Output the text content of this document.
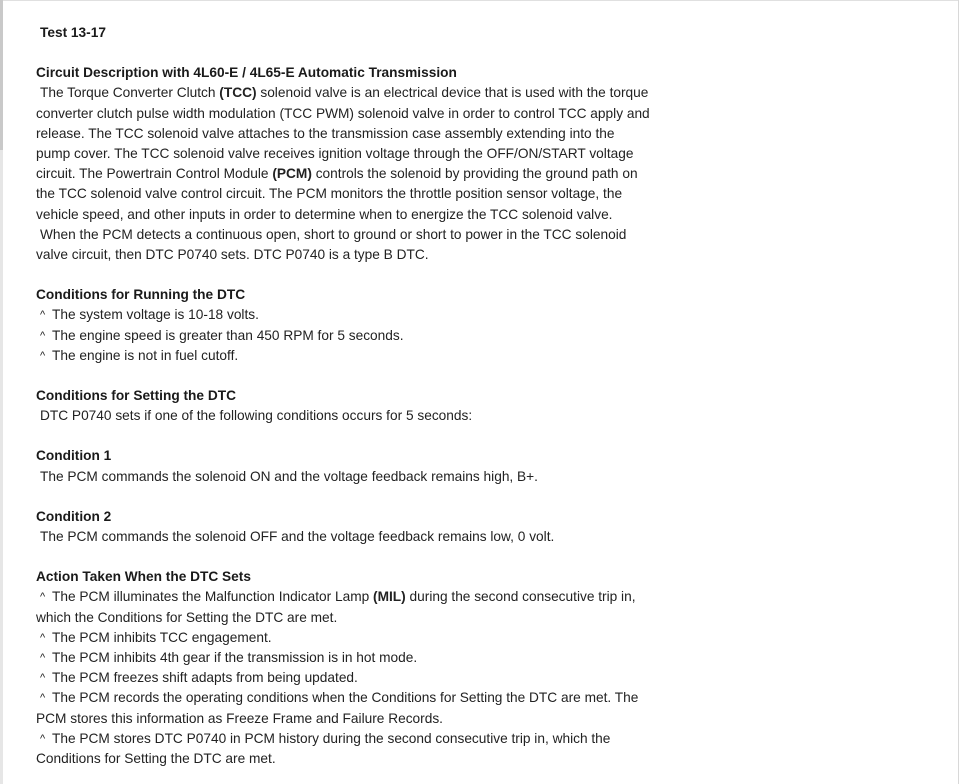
Test 13-17
Circuit Description with 4L60-E / 4L65-E Automatic Transmission
The Torque Converter Clutch (TCC) solenoid valve is an electrical device that is used with the torque
converter clutch pulse width modulation (TCC PWM) solenoid valve in order to control TCC apply and
release. The TCC solenoid valve attaches to the transmission case assembly extending into the
pump cover. The TCC solenoid valve receives ignition voltage through the OFF/ON/START voltage
circuit. The Powertrain Control Module (PCM) controls the solenoid by providing the ground path on
the TCC solenoid valve control circuit. The PCM monitors the throttle position sensor voltage, the
vehicle speed, and other inputs in order to determine when to energize the TCC solenoid valve.
When the PCM detects a continuous open, short to ground or short to power in the TCC solenoid
valve circuit, then DTC P0740 sets. DTC P0740 is a type B DTC.
Conditions for Running the DTC
^ The system voltage is 10-18 volts.
^ The engine speed is greater than 450 RPM for 5 seconds.
^ The engine is not in fuel cutoff.
Conditions for Setting the DTC
DTC P0740 sets if one of the following conditions occurs for 5 seconds:
Condition 1
The PCM commands the solenoid ON and the voltage feedback remains high, B+.
Condition 2
The PCM commands the solenoid OFF and the voltage feedback remains low, 0 volt.
Action Taken When the DTC Sets
^ The PCM illuminates the Malfunction Indicator Lamp (MIL) during the second consecutive trip in,
which the Conditions for Setting the DTC are met.
^ The PCM inhibits TCC engagement.
^ The PCM inhibits 4th gear if the transmission is in hot mode.
^ The PCM freezes shift adapts from being updated.
^ The PCM records the operating conditions when the Conditions for Setting the DTC are met. The
PCM stores this information as Freeze Frame and Failure Records.
^ The PCM stores DTC P0740 in PCM history during the second consecutive trip in, which the
Conditions for Setting the DTC are met.
